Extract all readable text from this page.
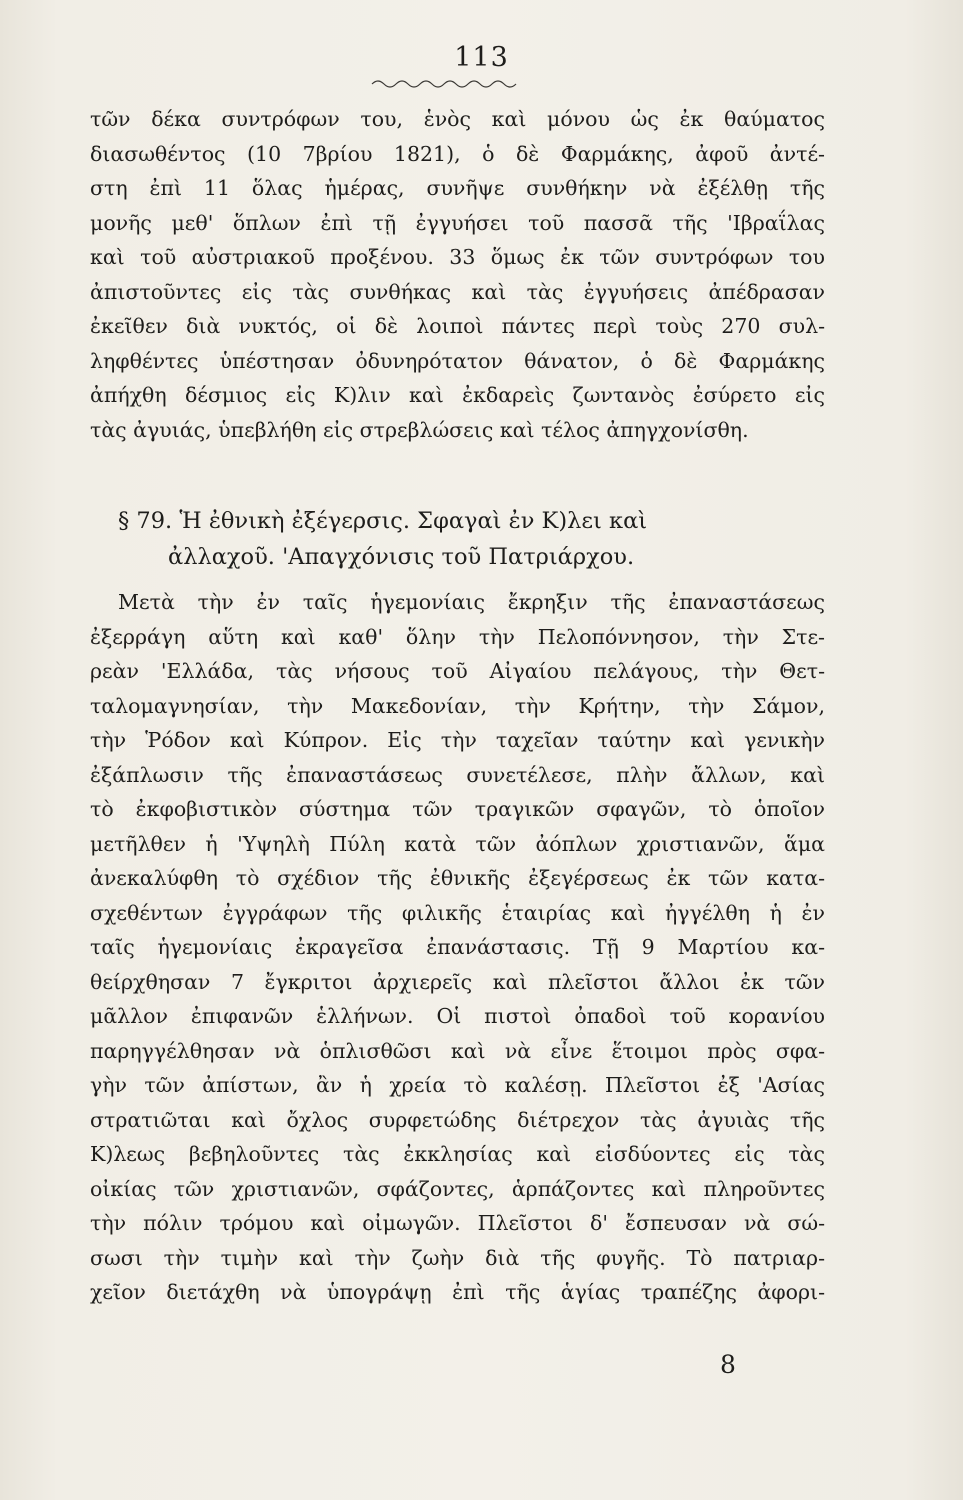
113
τῶν δέκα συντρόφων του, ἑνὸς καὶ μόνου ὡς ἐκ θαύματος
διασωθέντος (10 7βρίου 1821), ὁ δὲ Φαρμάκης, ἀφοῦ ἀντέ-
στη ἐπὶ 11 ὅλας ἡμέρας, συνῆψε συνθήκην νὰ ἐξέλθῃ τῆς
μονῆς μεθ' ὅπλων ἐπὶ τῇ ἐγγυήσει τοῦ πασσᾶ τῆς 'Ιβραΐλας
καὶ τοῦ αὐστριακοῦ προξένου. 33 ὅμως ἐκ τῶν συντρόφων του
ἀπιστοῦντες εἰς τὰς συνθήκας καὶ τὰς ἐγγυήσεις ἀπέδρασαν
ἐκεῖθεν διὰ νυκτός, οἱ δὲ λοιποὶ πάντες περὶ τοὺς 270 συλ-
ληφθέντες ὑπέστησαν ὀδυνηρότατον θάνατον, ὁ δὲ Φαρμάκης
ἀπήχθη δέσμιος εἰς Κ)λιν καὶ ἐκδαρεὶς ζωντανὸς ἐσύρετο εἰς
τὰς ἀγυιάς, ὑπεβλήθη εἰς στρεβλώσεις καὶ τέλος ἀπηγχονίσθη.
§ 79. Ἡ ἐθνικὴ ἐξέγερσις. Σφαγαὶ ἐν Κ)λει καὶ
ἀλλαχοῦ. 'Απαγχόνισις τοῦ Πατριάρχου.
Μετὰ τὴν ἐν ταῖς ἡγεμονίαις ἔκρηξιν τῆς ἐπαναστάσεως
ἐξερράγη αὕτη καὶ καθ' ὅλην τὴν Πελοπόννησον, τὴν Στε-
ρεὰν 'Ελλάδα, τὰς νήσους τοῦ Αἰγαίου πελάγους, τὴν Θετ-
ταλομαγνησίαν, τὴν Μακεδονίαν, τὴν Κρήτην, τὴν Σάμον,
τὴν Ῥόδον καὶ Κύπρον. Εἰς τὴν ταχεῖαν ταύτην καὶ γενικὴν
ἐξάπλωσιν τῆς ἐπαναστάσεως συνετέλεσε, πλὴν ἄλλων, καὶ
τὸ ἐκφοβιστικὸν σύστημα τῶν τραγικῶν σφαγῶν, τὸ ὁποῖον
μετῆλθεν ἡ 'Υψηλὴ Πύλη κατὰ τῶν ἀόπλων χριστιανῶν, ἅμα
ἀνεκαλύφθη τὸ σχέδιον τῆς ἐθνικῆς ἐξεγέρσεως ἐκ τῶν κατα-
σχεθέντων ἐγγράφων τῆς φιλικῆς ἑταιρίας καὶ ἠγγέλθη ἡ ἐν
ταῖς ἡγεμονίαις ἐκραγεῖσα ἐπανάστασις. Τῇ 9 Μαρτίου κα-
θείρχθησαν 7 ἔγκριτοι ἀρχιερεῖς καὶ πλεῖστοι ἄλλοι ἐκ τῶν
μᾶλλον ἐπιφανῶν ἑλλήνων. Οἱ πιστοὶ ὀπαδοὶ τοῦ κορανίου
παρηγγέλθησαν νὰ ὁπλισθῶσι καὶ νὰ εἶνε ἕτοιμοι πρὸς σφα-
γὴν τῶν ἀπίστων, ἂν ἡ χρεία τὸ καλέσῃ. Πλεῖστοι ἐξ 'Ασίας
στρατιῶται καὶ ὄχλος συρφετώδης διέτρεχον τὰς ἀγυιὰς τῆς
Κ)λεως βεβηλοῦντες τὰς ἐκκλησίας καὶ εἰσδύοντες εἰς τὰς
οἰκίας τῶν χριστιανῶν, σφάζοντες, ἁρπάζοντες καὶ πληροῦντες
τὴν πόλιν τρόμου καὶ οἰμωγῶν. Πλεῖστοι δ' ἔσπευσαν νὰ σώ-
σωσι τὴν τιμὴν καὶ τὴν ζωὴν διὰ τῆς φυγῆς. Τὸ πατριαρ-
χεῖον διετάχθη νὰ ὑπογράψῃ ἐπὶ τῆς ἁγίας τραπέζης ἀφορι-
8
